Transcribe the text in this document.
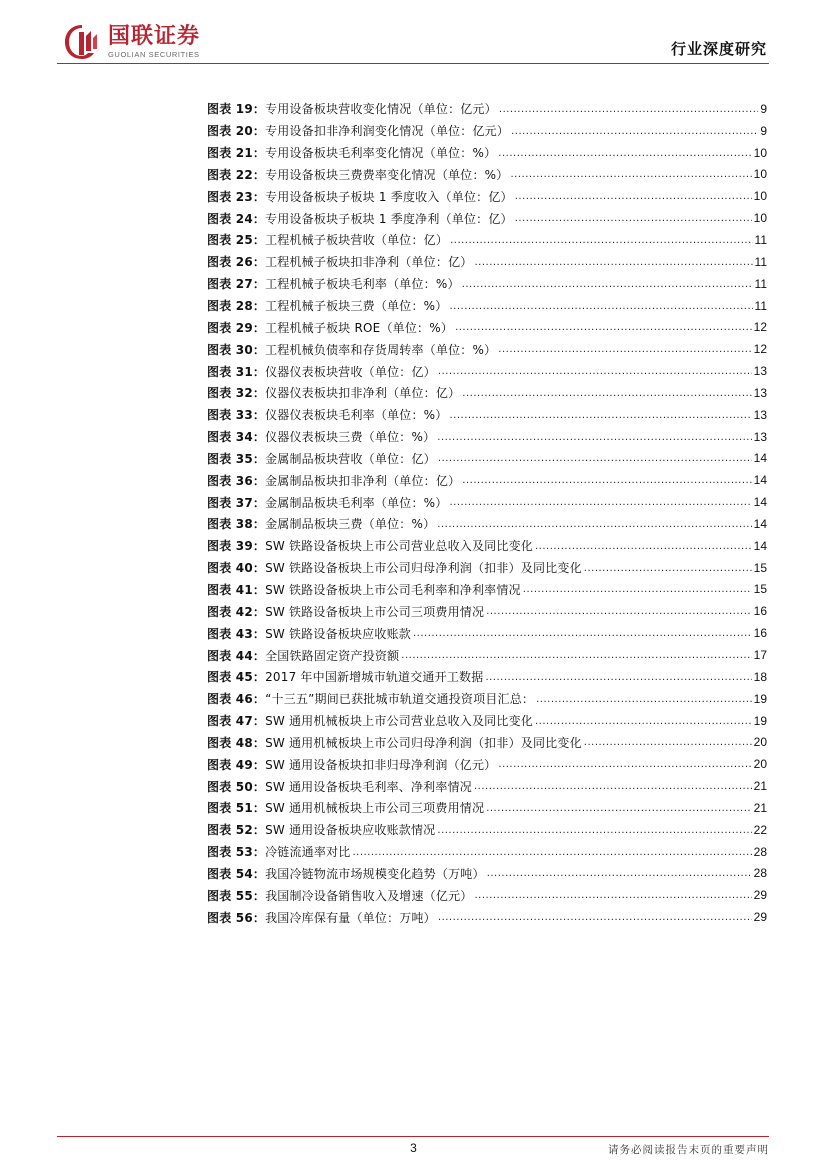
国联证券
GUOLIAN SECURITIES	行业深度研究
图表 19： 专用设备板块营收变化情况（单位：亿元） .....	9
图表 20： 专用设备扣非净利润变化情况（单位：亿元） .....	9
图表 21： 专用设备板块毛利率变化情况（单位：%） .....	10
图表 22： 专用设备板块三费费率变化情况（单位：%） .....	10
图表 23： 专用设备板块子板块 1 季度收入（单位：亿） .....	10
图表 24： 专用设备板块子板块 1 季度净利（单位：亿） .....	10
图表 25： 工程机械子板块营收（单位：亿） .....	11
图表 26： 工程机械子板块扣非净利（单位：亿） .....	11
图表 27： 工程机械子板块毛利率（单位：%） .....	11
图表 28： 工程机械子板块三费（单位：%） .....	11
图表 29： 工程机械子板块 ROE（单位：%） .....	12
图表 30： 工程机械负债率和存货周转率（单位：%） .....	12
图表 31： 仪器仪表板块营收（单位：亿） .....	13
图表 32： 仪器仪表板块扣非净利（单位：亿） .....	13
图表 33： 仪器仪表板块毛利率（单位：%） .....	13
图表 34： 仪器仪表板块三费（单位：%） .....	13
图表 35： 金属制品板块营收（单位：亿） .....	14
图表 36： 金属制品板块扣非净利（单位：亿） .....	14
图表 37： 金属制品板块毛利率（单位：%） .....	14
图表 38： 金属制品板块三费（单位：%） .....	14
图表 39： SW 铁路设备板块上市公司营业总收入及同比变化 .....	14
图表 40： SW 铁路设备板块上市公司归母净利润（扣非）及同比变化 .....	15
图表 41： SW 铁路设备板块上市公司毛利率和净利率情况 .....	15
图表 42： SW 铁路设备板块上市公司三项费用情况 .....	16
图表 43： SW 铁路设备板块应收账款 .....	16
图表 44： 全国铁路固定资产投资额 .....	17
图表 45： 2017 年中国新增城市轨道交通开工数据 .....	18
图表 46： “十三五”期间已获批城市轨道交通投资项目汇总： .....	19
图表 47： SW 通用机械板块上市公司营业总收入及同比变化 .....	19
图表 48： SW 通用机械板块上市公司归母净利润（扣非）及同比变化 .....	20
图表 49： SW 通用设备板块扣非归母净利润（亿元） .....	20
图表 50： SW 通用设备板块毛利率、净利率情况 .....	21
图表 51： SW 通用机械板块上市公司三项费用情况 .....	21
图表 52： SW 通用设备板块应收账款情况 .....	22
图表 53： 冷链流通率对比 .....	28
图表 54： 我国冷链物流市场规模变化趋势（万吨） .....	28
图表 55： 我国制冷设备销售收入及增速（亿元） .....	29
图表 56： 我国冷库保有量（单位：万吨） .....	29
3	请务必阅读报告末页的重要声明
